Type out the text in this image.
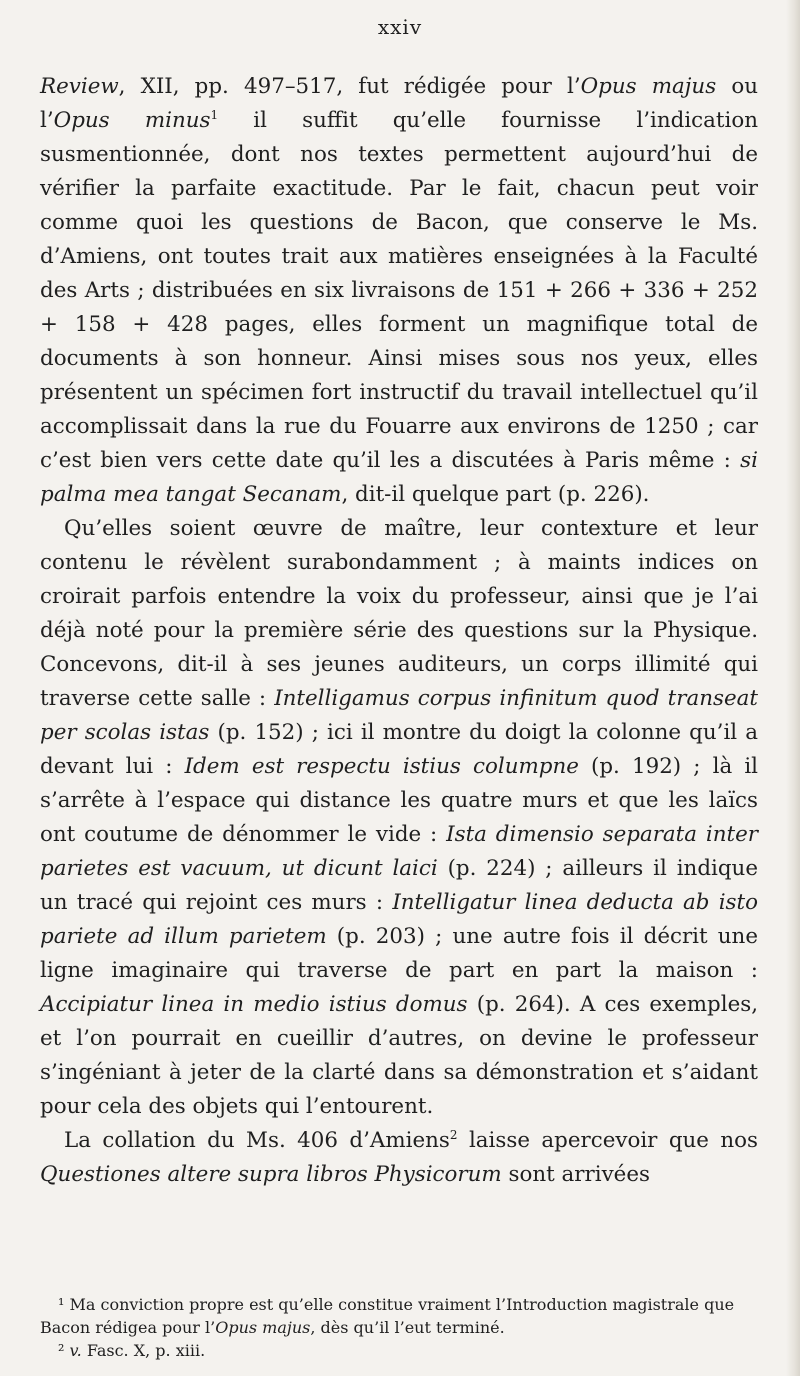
xxiv

Review, XII, pp. 497–517, fut rédigée pour l’Opus majus ou l’Opus minus$^1$ il suffit qu’elle fournisse l’indication susmentionnée, dont nos textes permettent aujourd’hui de vérifier la parfaite exactitude. Par le fait, chacun peut voir comme quoi les questions de Bacon, que conserve le Ms. d’Amiens, ont toutes trait aux matières enseignées à la Faculté des Arts ; distribuées en six livraisons de 151 + 266 + 336 + 252 + 158 + 428 pages, elles forment un magnifique total de documents à son honneur. Ainsi mises sous nos yeux, elles présentent un spécimen fort instructif du travail intellectuel qu’il accomplissait dans la rue du Fouarre aux environs de 1250 ; car c’est bien vers cette date qu’il les a discutées à Paris même : si palma mea tangat Secanam, dit-il quelque part (p. 226).

Qu’elles soient œuvre de maître, leur contexture et leur contenu le révèlent surabondamment ; à maints indices on croirait parfois entendre la voix du professeur, ainsi que je l’ai déjà noté pour la première série des questions sur la Physique. Concevons, dit-il à ses jeunes auditeurs, un corps illimité qui traverse cette salle : Intelligamus corpus infinitum quod transeat per scolas istas (p. 152) ; ici il montre du doigt la colonne qu’il a devant lui : Idem est respectu istius columpne (p. 192) ; là il s’arrête à l’espace qui distance les quatre murs et que les laïcs ont coutume de dénommer le vide : Ista dimensio separata inter parietes est vacuum, ut dicunt laici (p. 224) ; ailleurs il indique un tracé qui rejoint ces murs : Intelligatur linea deducta ab isto pariete ad illum parietem (p. 203) ; une autre fois il décrit une ligne imaginaire qui traverse de part en part la maison : Accipiatur linea in medio istius domus (p. 264). A ces exemples, et l’on pourrait en cueillir d’autres, on devine le professeur s’ingéniant à jeter de la clarté dans sa démonstration et s’aidant pour cela des objets qui l’entourent.

La collation du Ms. 406 d’Amiens$^2$ laisse apercevoir que nos Questiones altere supra libros Physicorum sont arrivées

¹ Ma conviction propre est qu’elle constitue vraiment l’Introduction magistrale que Bacon rédigea pour l’Opus majus, dès qu’il l’eut terminé.

² v. Fasc. X, p. xiii.
